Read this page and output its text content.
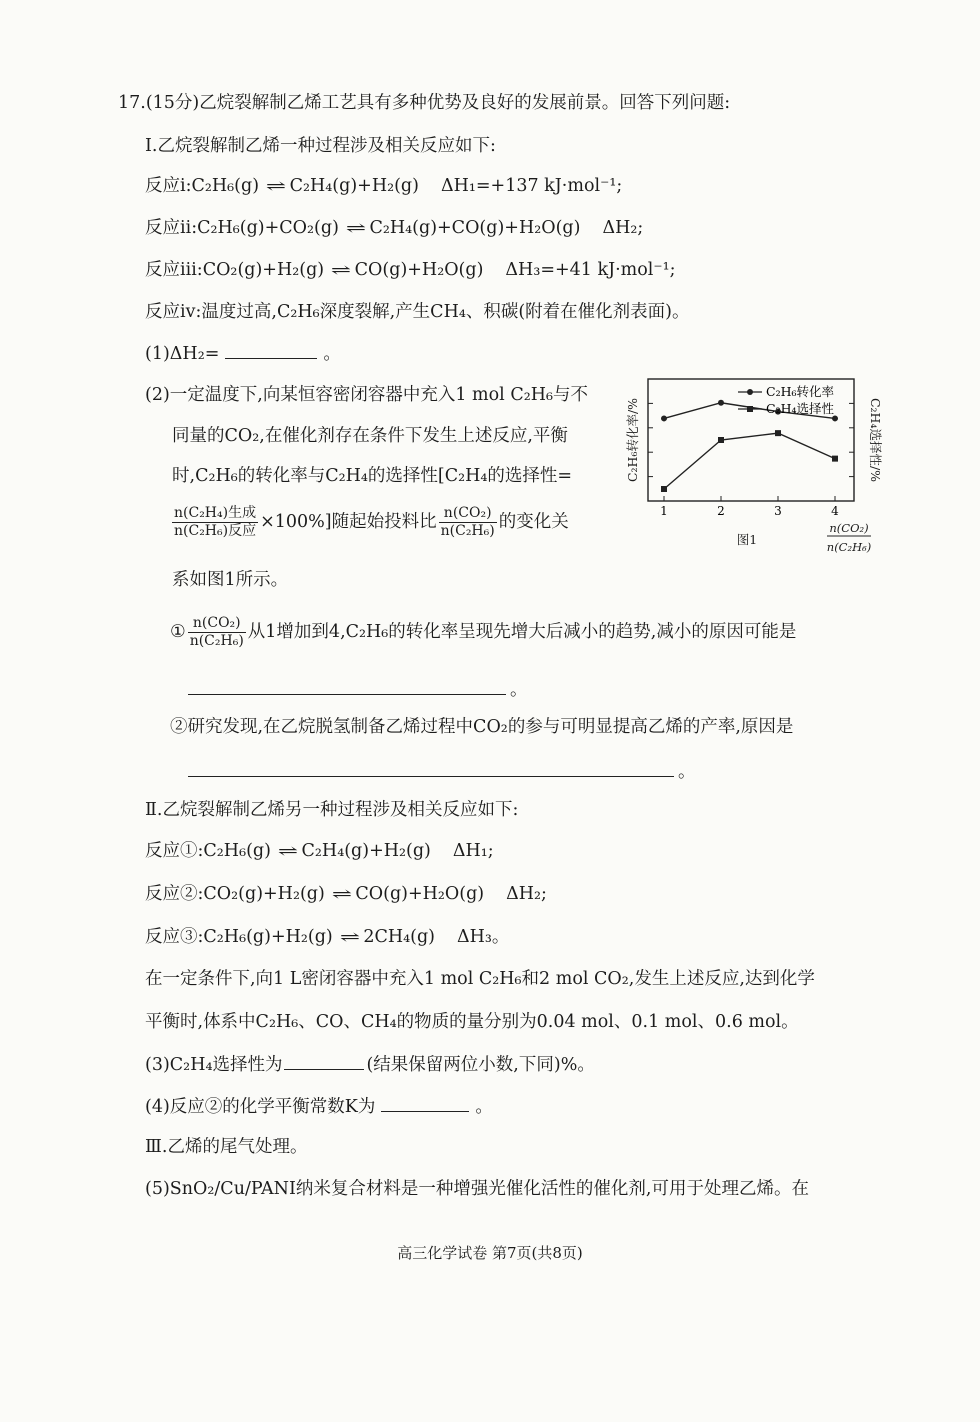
17.(15分)乙烷裂解制乙烯工艺具有多种优势及良好的发展前景。回答下列问题:
Ⅰ.乙烷裂解制乙烯一种过程涉及相关反应如下:
反应ⅰ:C₂H₆(g) ⇌ C₂H₄(g)+H₂(g) ΔH₁=+137 kJ·mol⁻¹;
反应ⅱ:C₂H₆(g)+CO₂(g) ⇌ C₂H₄(g)+CO(g)+H₂O(g) ΔH₂;
反应ⅲ:CO₂(g)+H₂(g) ⇌ CO(g)+H₂O(g) ΔH₃=+41 kJ·mol⁻¹;
反应ⅳ:温度过高,C₂H₆深度裂解,产生CH₄、积碳(附着在催化剂表面)。
(1)ΔH₂=	。
(2)一定温度下,向某恒容密闭容器中充入1 mol C₂H₆与不
同量的CO₂,在催化剂存在条件下发生上述反应,平衡
时,C₂H₆的转化率与C₂H₄的选择性[C₂H₄的选择性=
$\frac{\text{n(C₂H₄)生成}}{\text{n(C₂H₆)反应}} \times 100\%$]随起始投料比 $\frac{\text{n(CO₂)}}{\text{n(C₂H₆)}}$ 的变化关
系如图1所示。
① $\frac{\text{n(CO₂)}}{\text{n(C₂H₆)}}$ 从1增加到4,C₂H₆的转化率呈现先增大后减小的趋势,减小的原因可能是
。
②研究发现,在乙烷脱氢制备乙烯过程中CO₂的参与可明显提高乙烯的产率,原因是
。
Ⅱ.乙烷裂解制乙烯另一种过程涉及相关反应如下:
反应①:C₂H₆(g) ⇌ C₂H₄(g)+H₂(g) ΔH₁;
反应②:CO₂(g)+H₂(g) ⇌ CO(g)+H₂O(g) ΔH₂;
反应③:C₂H₆(g)+H₂(g) ⇌ 2CH₄(g) ΔH₃。
在一定条件下,向1 L密闭容器中充入1 mol C₂H₆和2 mol CO₂,发生上述反应,达到化学
平衡时,体系中C₂H₆、CO、CH₄的物质的量分别为0.04 mol、0.1 mol、0.6 mol。
(3)C₂H₄选择性为	(结果保留两位小数,下同)%。
(4)反应②的化学平衡常数K为	。
Ⅲ.乙烯的尾气处理。
(5)SnO₂/Cu/PANI纳米复合材料是一种增强光催化活性的催化剂,可用于处理乙烯。在
高三化学试卷 第7页(共8页)
C₂H₆转化率/%	C₂H₄选择性/%
图1
n(CO₂)
n(C₂H₆)
1	2	3	4
C₂H₆转化率
C₂H₄选择性
